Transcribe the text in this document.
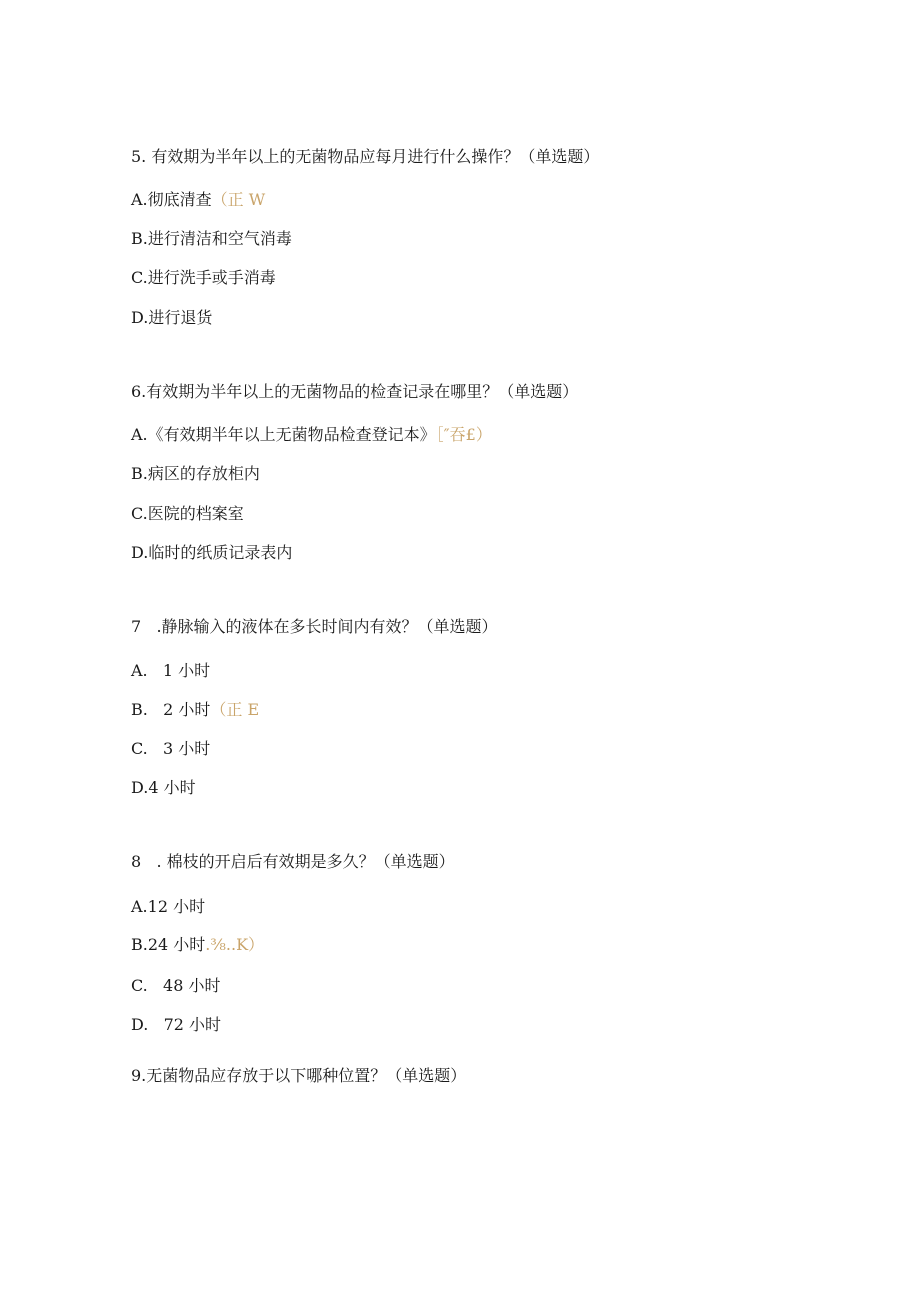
5. 有效期为半年以上的无菌物品应每月进行什么操作？（单选题）
A.彻底清查（正 W
B.进行清洁和空气消毒
C.进行洗手或手消毒
D.进行退货
6.有效期为半年以上的无菌物品的检查记录在哪里？（单选题）
A.《有效期半年以上无菌物品检查登记本》［″吞£）
B.病区的存放柜内
C.医院的档案室
D.临时的纸质记录表内
7   .静脉输入的液体在多长时间内有效？（单选题）
A.   1 小时
B.   2 小时（正 E
C.   3 小时
D.4 小时
8   . 棉枝的开启后有效期是多久？（单选题）
A.12 小时
B.24 小时.⅜..K）
C.   48 小时
D.   72 小时
9.无菌物品应存放于以下哪种位置？（单选题）
